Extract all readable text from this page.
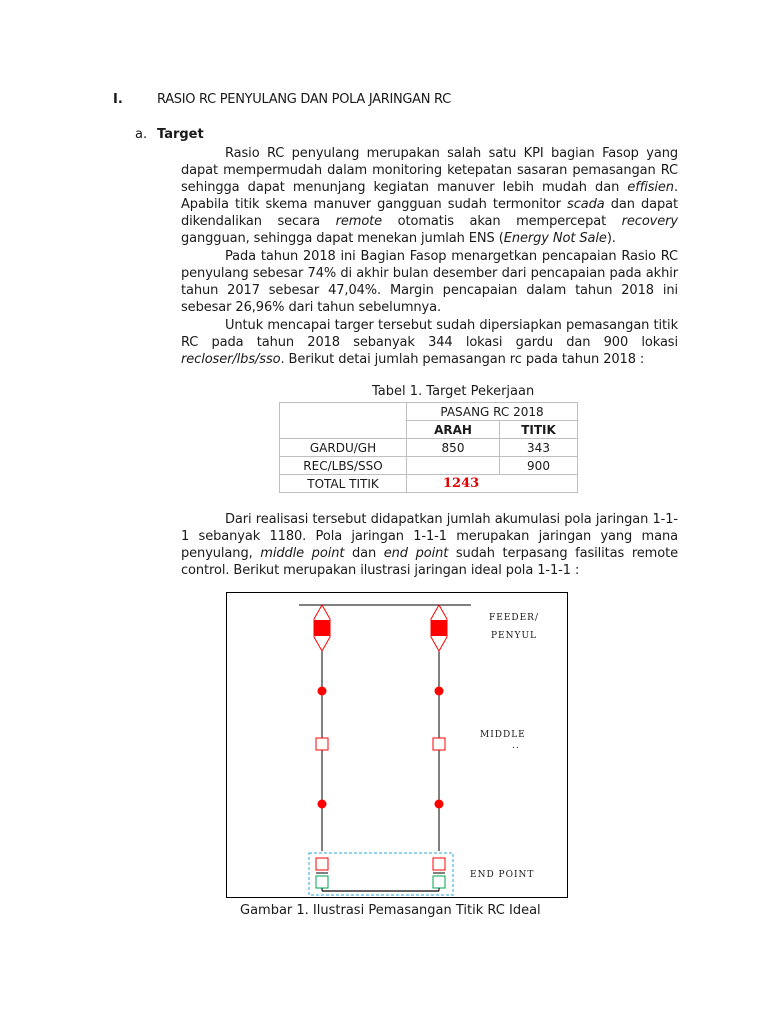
I.	RASIO RC PENYULANG DAN POLA JARINGAN RC
a. Target

Rasio RC penyulang merupakan salah satu KPI bagian Fasop yang dapat mempermudah dalam monitoring ketepatan sasaran pemasangan RC sehingga dapat menunjang kegiatan manuver lebih mudah dan effisien. Apabila titik skema manuver gangguan sudah termonitor scada dan dapat dikendalikan secara remote otomatis akan mempercepat recovery gangguan, sehingga dapat menekan jumlah ENS (Energy Not Sale).

Pada tahun 2018 ini Bagian Fasop menargetkan pencapaian Rasio RC penyulang sebesar 74% di akhir bulan desember dari pencapaian pada akhir tahun 2017 sebesar 47,04%. Margin pencapaian dalam tahun 2018 ini sebesar 26,96% dari tahun sebelumnya.

Untuk mencapai targer tersebut sudah dipersiapkan pemasangan titik RC pada tahun 2018 sebanyak 344 lokasi gardu dan 900 lokasi recloser/lbs/sso. Berikut detai jumlah pemasangan rc pada tahun 2018 :

Tabel 1. Target Pekerjaan
	PASANG RC 2018	
	ARAH	TITIK
GARDU/GH	850	343
REC/LBS/SSO		900
TOTAL TITIK	1243	

Dari realisasi tersebut didapatkan jumlah akumulasi pola jaringan 1-1-1 sebanyak 1180. Pola jaringan 1-1-1 merupakan jaringan yang mana penyulang, middle point dan end point sudah terpasang fasilitas remote control. Berikut merupakan ilustrasi jaringan ideal pola 1-1-1 :

FEEDER/
PENYUL
MIDDLE
..
END POINT
Gambar 1. Ilustrasi Pemasangan Titik RC Ideal
